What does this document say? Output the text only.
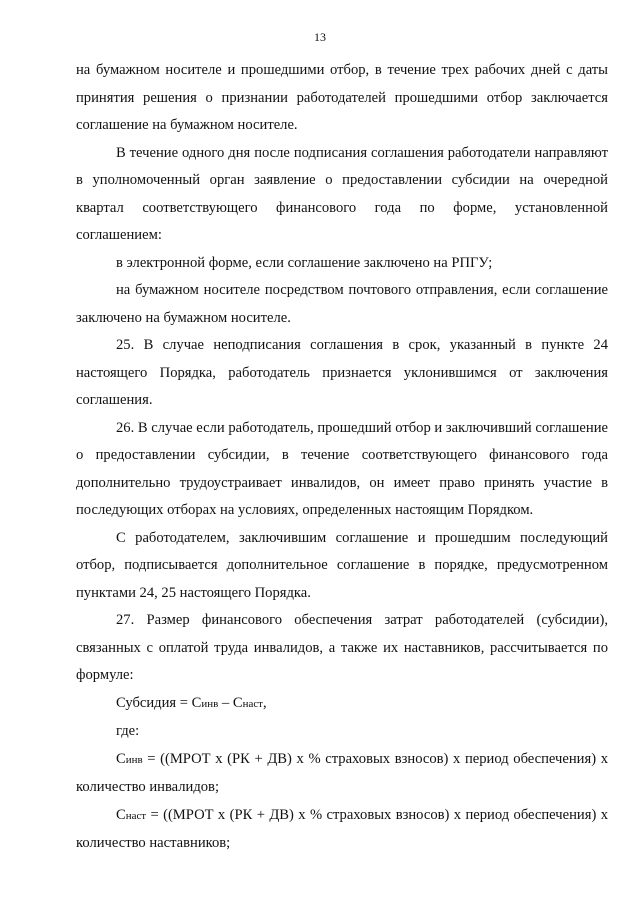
13

на бумажном носителе и прошедшими отбор, в течение трех рабочих дней с даты принятия решения о признании работодателей прошедшими отбор заключается соглашение на бумажном носителе.

В течение одного дня после подписания соглашения работодатели направляют в уполномоченный орган заявление о предоставлении субсидии на очередной квартал соответствующего финансового года по форме, установленной соглашением:

в электронной форме, если соглашение заключено на РПГУ;

на бумажном носителе посредством почтового отправления, если соглашение заключено на бумажном носителе.

25. В случае неподписания соглашения в срок, указанный в пункте 24 настоящего Порядка, работодатель признается уклонившимся от заключения соглашения.

26. В случае если работодатель, прошедший отбор и заключивший соглашение о предоставлении субсидии, в течение соответствующего финансового года дополнительно трудоустраивает инвалидов, он имеет право принять участие в последующих отборах на условиях, определенных настоящим Порядком.

С работодателем, заключившим соглашение и прошедшим последующий отбор, подписывается дополнительное соглашение в порядке, предусмотренном пунктами 24, 25 настоящего Порядка.

27. Размер финансового обеспечения затрат работодателей (субсидии), связанных с оплатой труда инвалидов, а также их наставников, рассчитывается по формуле:

Субсидия = Синв – Снаст,

где:

Синв = ((МРОТ х (РК + ДВ) х % страховых взносов) х период обеспечения) х количество инвалидов;

Снаст = ((МРОТ х (РК + ДВ) х % страховых взносов) х период обеспечения) х количество наставников;
